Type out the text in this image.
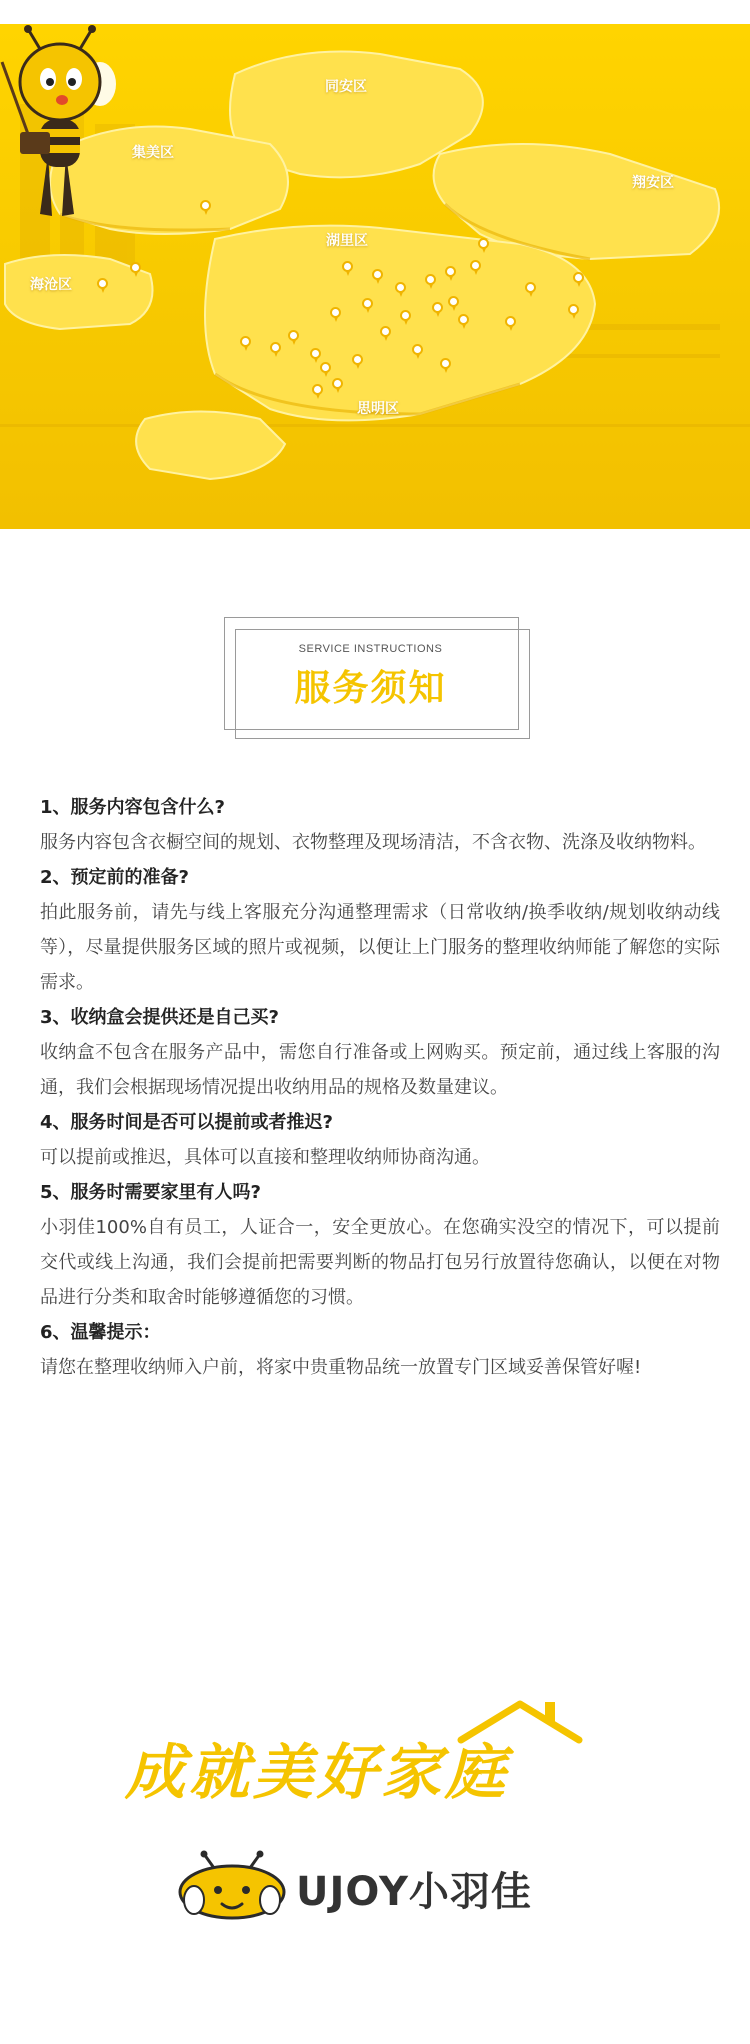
同安区
集美区
翔安区
湖里区
海沧区
思明区
SERVICE INSTRUCTIONS
服务须知
1、服务内容包含什么?
服务内容包含衣橱空间的规划、衣物整理及现场清洁，不含衣物、洗涤及收纳物料。
2、预定前的准备?
拍此服务前，请先与线上客服充分沟通整理需求（日常收纳/换季收纳/规划收纳动线等），尽量提供服务区域的照片或视频，以便让上门服务的整理收纳师能了解您的实际需求。
3、收纳盒会提供还是自己买?
收纳盒不包含在服务产品中，需您自行准备或上网购买。预定前，通过线上客服的沟通，我们会根据现场情况提出收纳用品的规格及数量建议。
4、服务时间是否可以提前或者推迟?
可以提前或推迟，具体可以直接和整理收纳师协商沟通。
5、服务时需要家里有人吗?
小羽佳100%自有员工，人证合一，安全更放心。在您确实没空的情况下，可以提前交代或线上沟通，我们会提前把需要判断的物品打包另行放置待您确认，以便在对物品进行分类和取舍时能够遵循您的习惯。
6、温馨提示：
请您在整理收纳师入户前，将家中贵重物品统一放置专门区域妥善保管好喔!
成就美好家庭
UJOY小羽佳
